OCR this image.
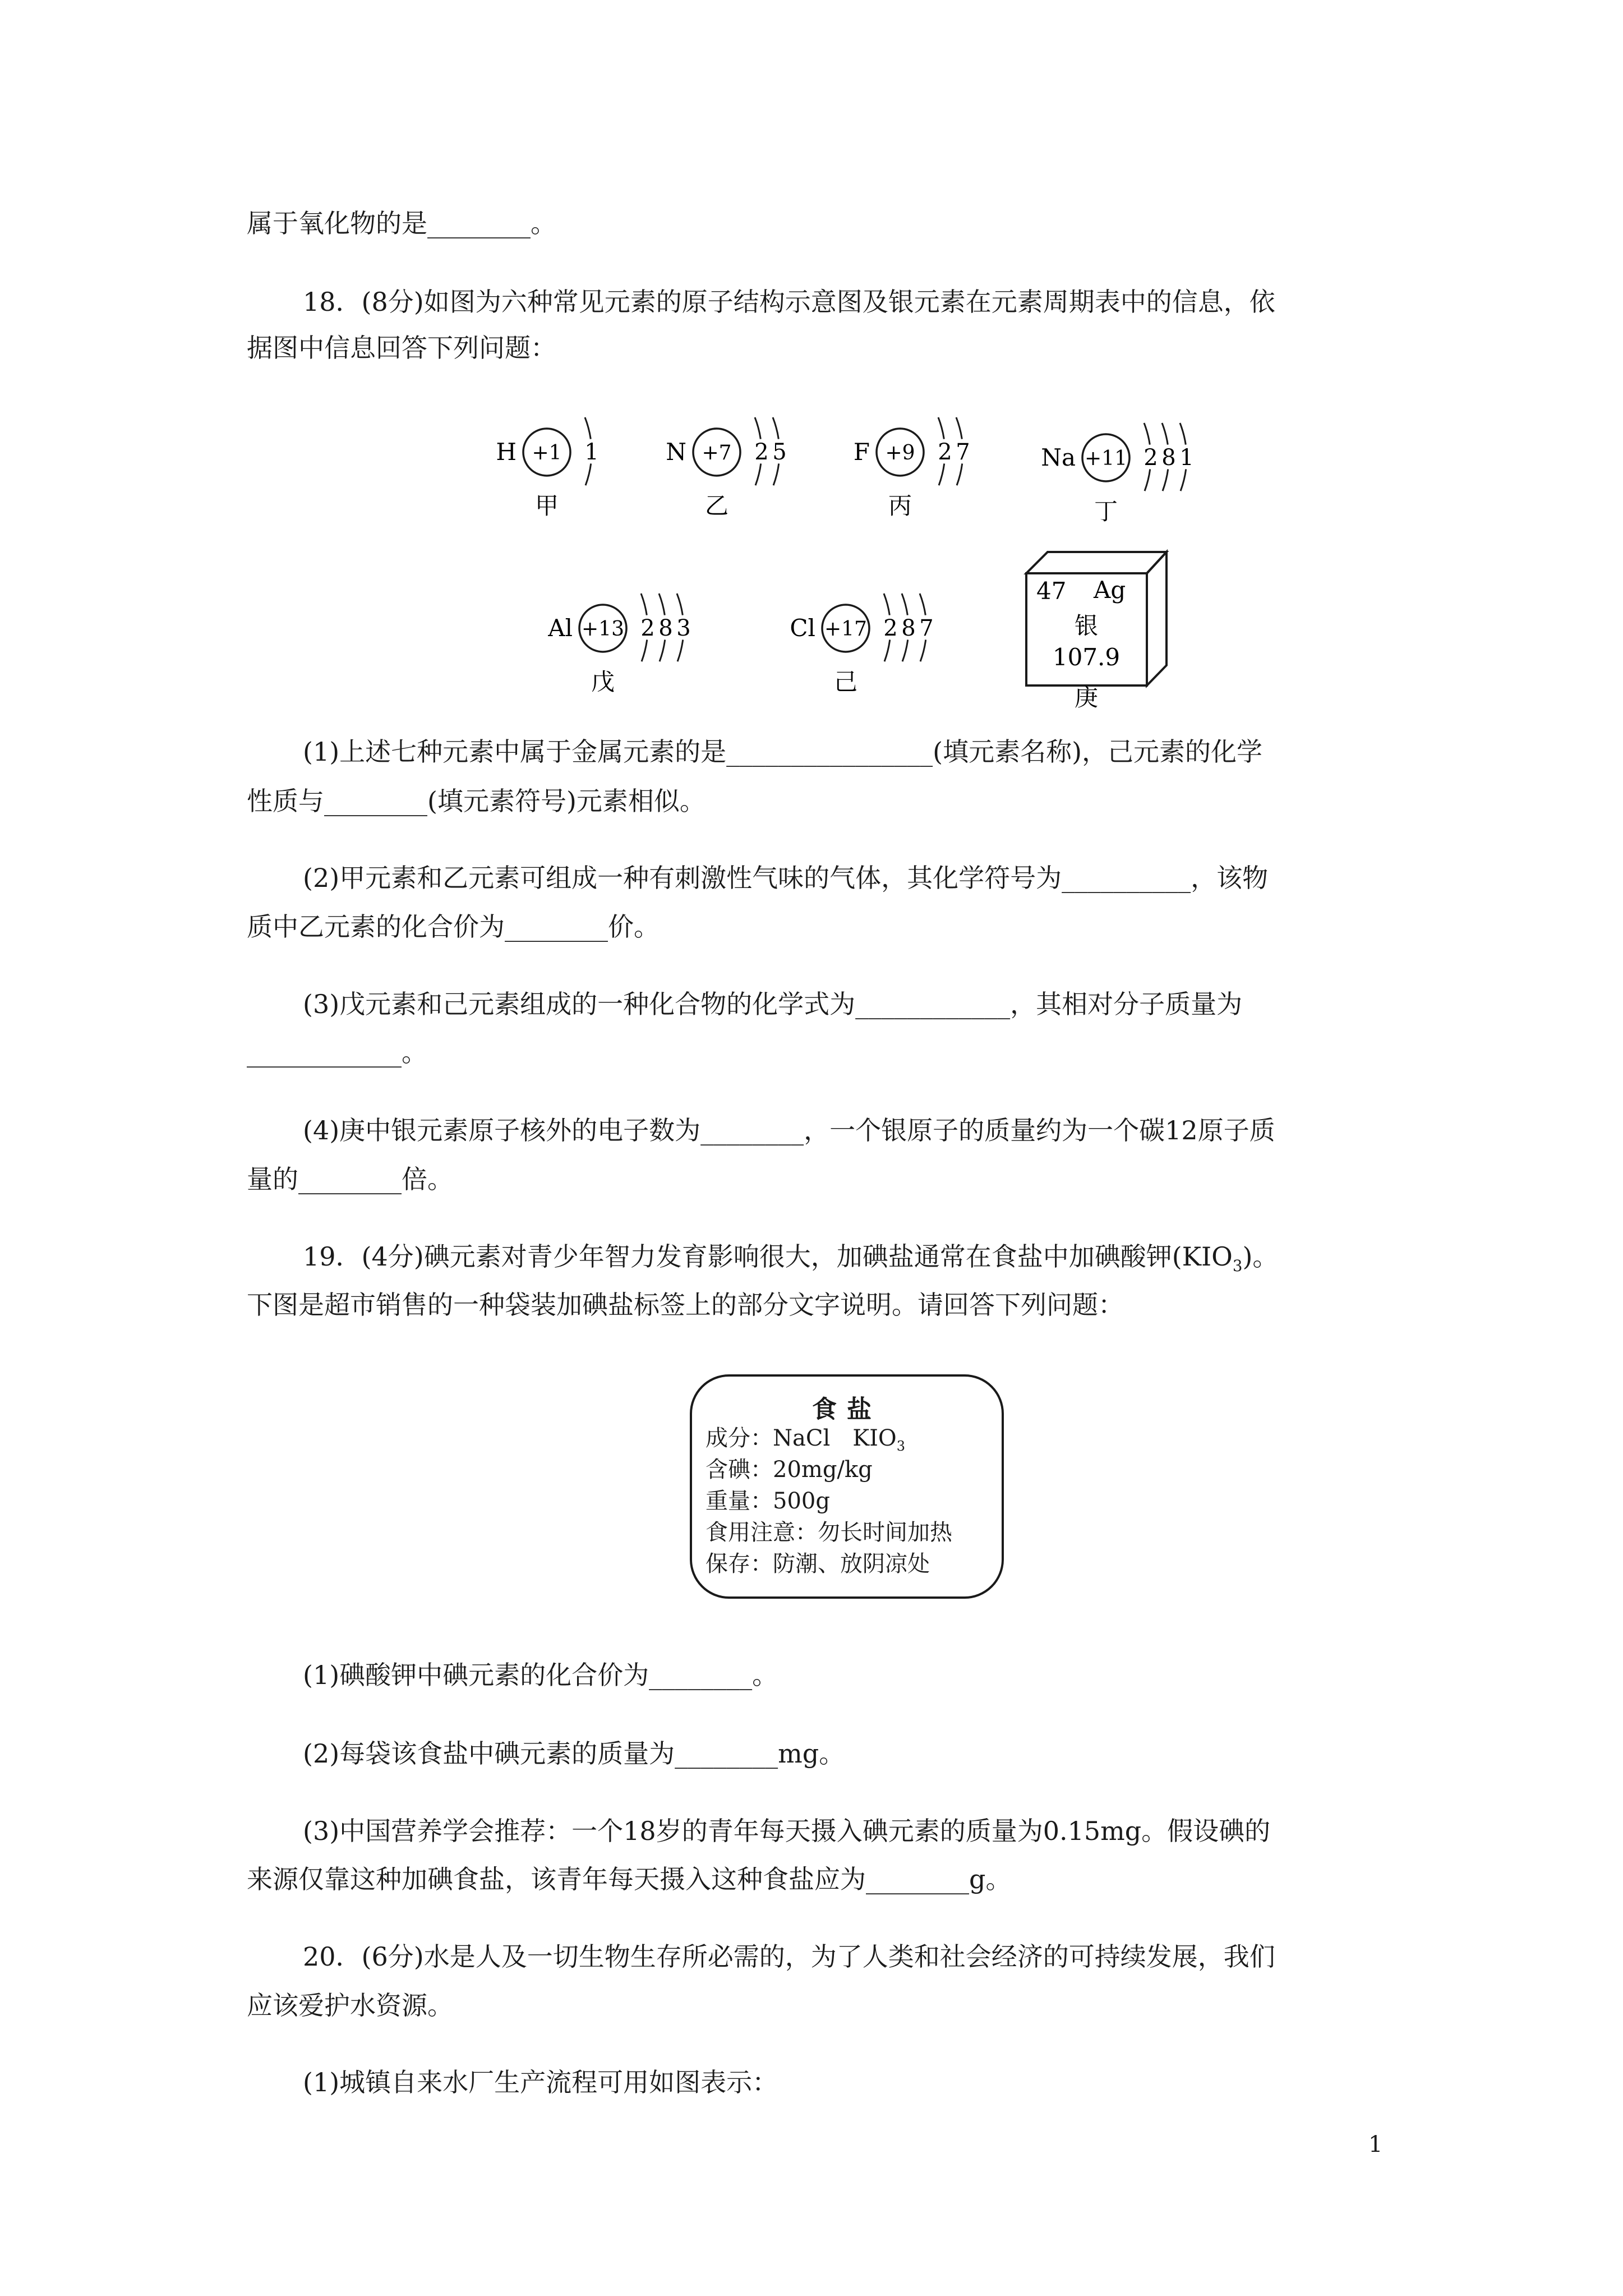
属于氧化物的是________。
18．(8分)如图为六种常见元素的原子结构示意图及银元素在元素周期表中的信息，依
据图中信息回答下列问题：
H +1 1
甲
N +7 2 5
乙
F +9 2 7
丙
Na +11 2 8 1
丁
Al +13 2 8 3
戊
Cl +17 2 8 7
己
47 Ag
银
107.9
庚
(1)上述七种元素中属于金属元素的是________________(填元素名称)，己元素的化学
性质与________(填元素符号)元素相似。
(2)甲元素和乙元素可组成一种有刺激性气味的气体，其化学符号为__________，该物
质中乙元素的化合价为________价。
(3)戊元素和己元素组成的一种化合物的化学式为____________，其相对分子质量为
____________。
(4)庚中银元素原子核外的电子数为________，一个银原子的质量约为一个碳12原子质
量的________倍。
19．(4分)碘元素对青少年智力发育影响很大，加碘盐通常在食盐中加碘酸钾$(KIO_3)$。
下图是超市销售的一种袋装加碘盐标签上的部分文字说明。请回答下列问题：
食盐
成分：NaCl　$KIO_3$
含碘：20mg/kg
重量：500g
食用注意：勿长时间加热
保存：防潮、放阴凉处
(1)碘酸钾中碘元素的化合价为________。
(2)每袋该食盐中碘元素的质量为________mg。
(3)中国营养学会推荐：一个18岁的青年每天摄入碘元素的质量为0.15mg。假设碘的
来源仅靠这种加碘食盐，该青年每天摄入这种食盐应为________g。
20．(6分)水是人及一切生物生存所必需的，为了人类和社会经济的可持续发展，我们
应该爱护水资源。
(1)城镇自来水厂生产流程可用如图表示：
1
